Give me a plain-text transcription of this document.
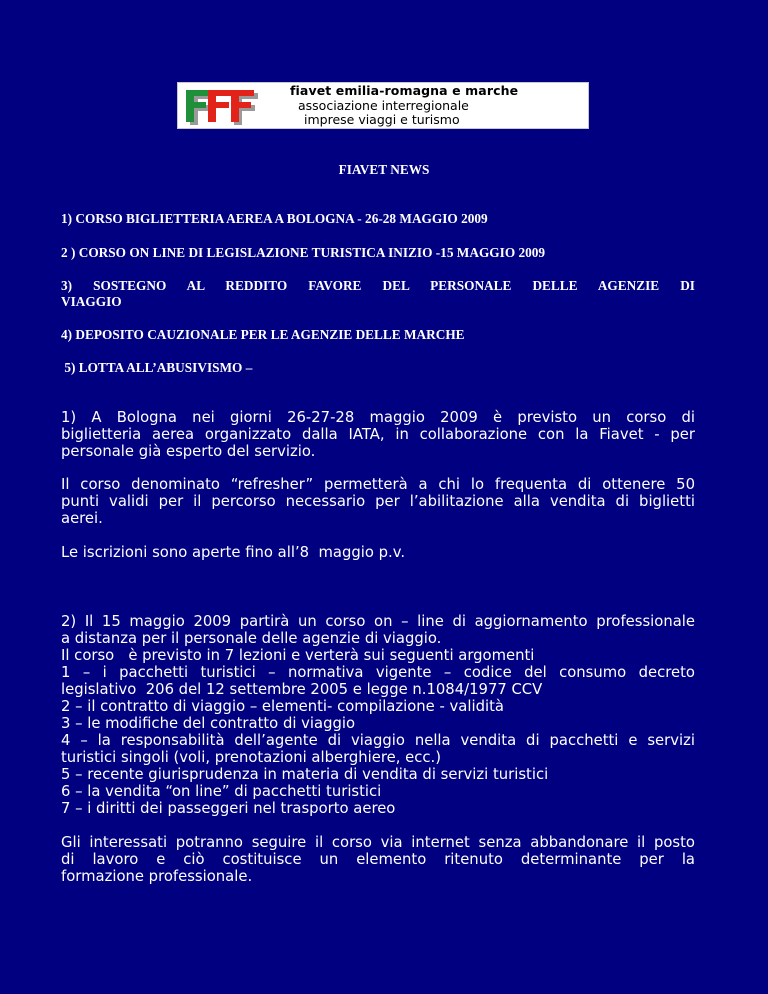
fiavet emilia-romagna e marche
associazione interregionale
imprese viaggi e turismo
FIAVET NEWS
1) CORSO BIGLIETTERIA AEREA A BOLOGNA - 26-28 MAGGIO 2009
2 ) CORSO ON LINE DI LEGISLAZIONE TURISTICA INIZIO -15 MAGGIO 2009
3) SOSTEGNO AL REDDITO FAVORE DEL PERSONALE DELLE AGENZIE DI
VIAGGIO
4) DEPOSITO CAUZIONALE PER LE AGENZIE DELLE MARCHE
5) LOTTA ALL’ABUSIVISMO –
1) A Bologna nei giorni 26-27-28 maggio 2009 è previsto un corso di
biglietteria aerea organizzato dalla IATA, in collaborazione con la Fiavet - per
personale già esperto del servizio.
Il corso denominato “refresher” permetterà a chi lo frequenta di ottenere 50
punti validi per il percorso necessario per l’abilitazione alla vendita di biglietti
aerei.
Le iscrizioni sono aperte fino all’8  maggio p.v.
2) Il 15 maggio 2009 partirà un corso on – line di aggiornamento professionale
a distanza per il personale delle agenzie di viaggio.
Il corso   è previsto in 7 lezioni e verterà sui seguenti argomenti
1 – i pacchetti turistici – normativa vigente – codice del consumo decreto
legislativo  206 del 12 settembre 2005 e legge n.1084/1977 CCV
2 – il contratto di viaggio – elementi- compilazione - validità
3 – le modifiche del contratto di viaggio
4 – la responsabilità dell’agente di viaggio nella vendita di pacchetti e servizi
turistici singoli (voli, prenotazioni alberghiere, ecc.)
5 – recente giurisprudenza in materia di vendita di servizi turistici
6 – la vendita “on line” di pacchetti turistici
7 – i diritti dei passeggeri nel trasporto aereo
Gli interessati potranno seguire il corso via internet senza abbandonare il posto
di lavoro e ciò costituisce un elemento ritenuto determinante per la
formazione professionale.
